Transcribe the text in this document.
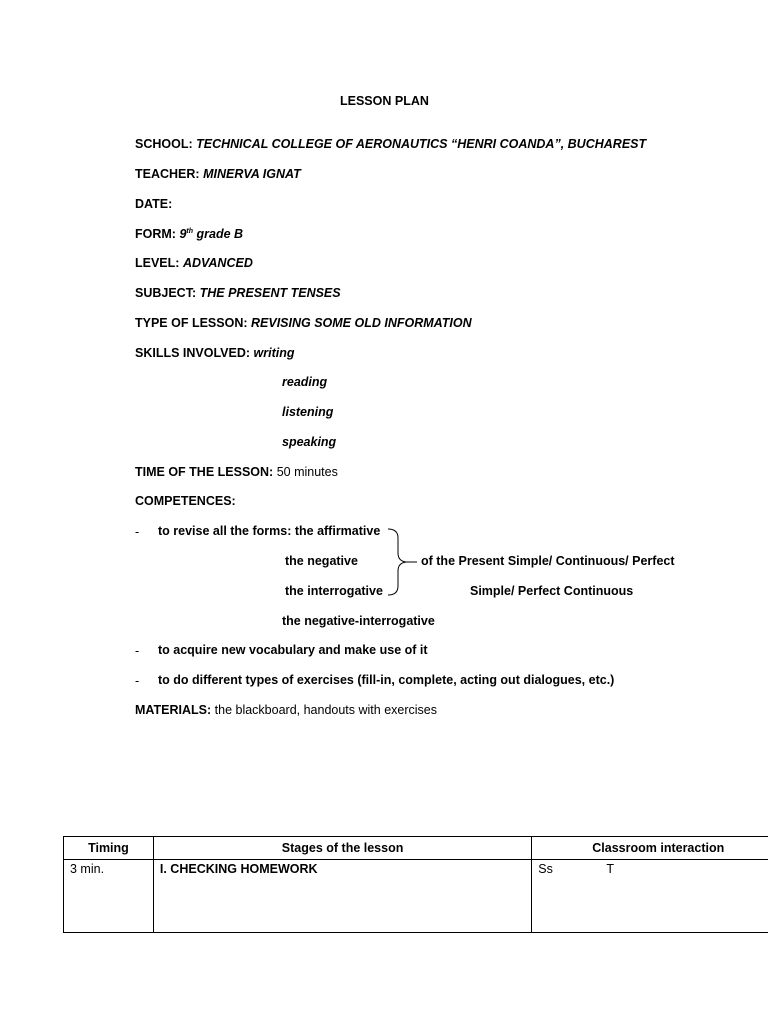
LESSON PLAN
SCHOOL: TECHNICAL COLLEGE OF AERONAUTICS “HENRI COANDA”, BUCHAREST
TEACHER: MINERVA IGNAT
DATE:
FORM: 9th grade B
LEVEL: ADVANCED
SUBJECT: THE PRESENT TENSES
TYPE OF LESSON: REVISING SOME OLD INFORMATION
SKILLS INVOLVED: writing
reading
listening
speaking
TIME OF THE LESSON: 50 minutes
COMPETENCES:
- to revise all the forms: the affirmative
the negative
the interrogative
the negative-interrogative
of the Present Simple/ Continuous/ Perfect
Simple/ Perfect Continuous
- to acquire new vocabulary and make use of it
- to do different types of exercises (fill-in, complete, acting out dialogues, etc.)
MATERIALS: the blackboard, handouts with exercises
Timing	Stages of the lesson	Classroom interaction
3 min.	I. CHECKING HOMEWORK	Ss T
